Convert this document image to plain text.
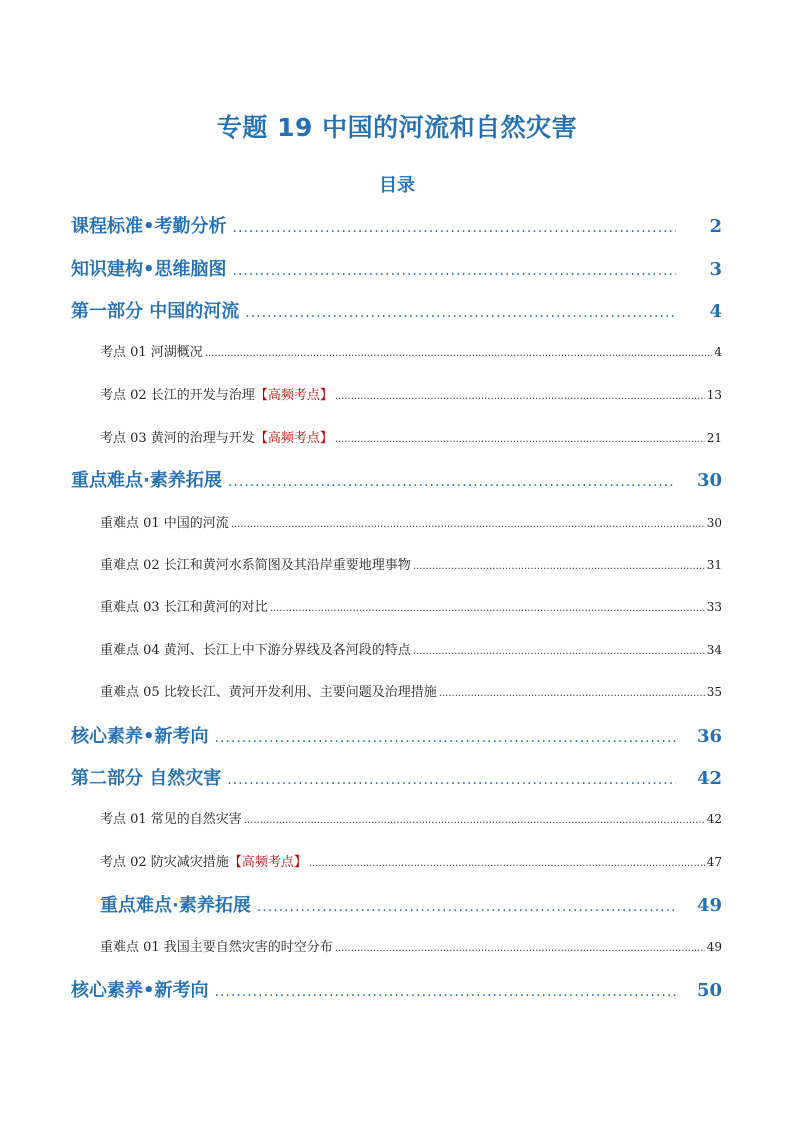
专题 19 中国的河流和自然灾害
目录
课程标准•考勤分析 .....	2
知识建构•思维脑图 .....	3
第一部分 中国的河流 .....	4
考点 01 河湖概况 .....	4
考点 02 长江的开发与治理【高频考点】 .....	13
考点 03 黄河的治理与开发【高频考点】 .....	21
重点难点·素养拓展 .....	30
重难点 01 中国的河流 .....	30
重难点 02 长江和黄河水系简图及其沿岸重要地理事物 .....	31
重难点 03 长江和黄河的对比 .....	33
重难点 04 黄河、长江上中下游分界线及各河段的特点 .....	34
重难点 05 比较长江、黄河开发利用、主要问题及治理措施 .....	35
核心素养•新考向 .....	36
第二部分 自然灾害 .....	42
考点 01 常见的自然灾害 .....	42
考点 02 防灾减灾措施【高频考点】 .....	47
重点难点·素养拓展 .....	49
重难点 01 我国主要自然灾害的时空分布 .....	49
核心素养•新考向 .....	50
